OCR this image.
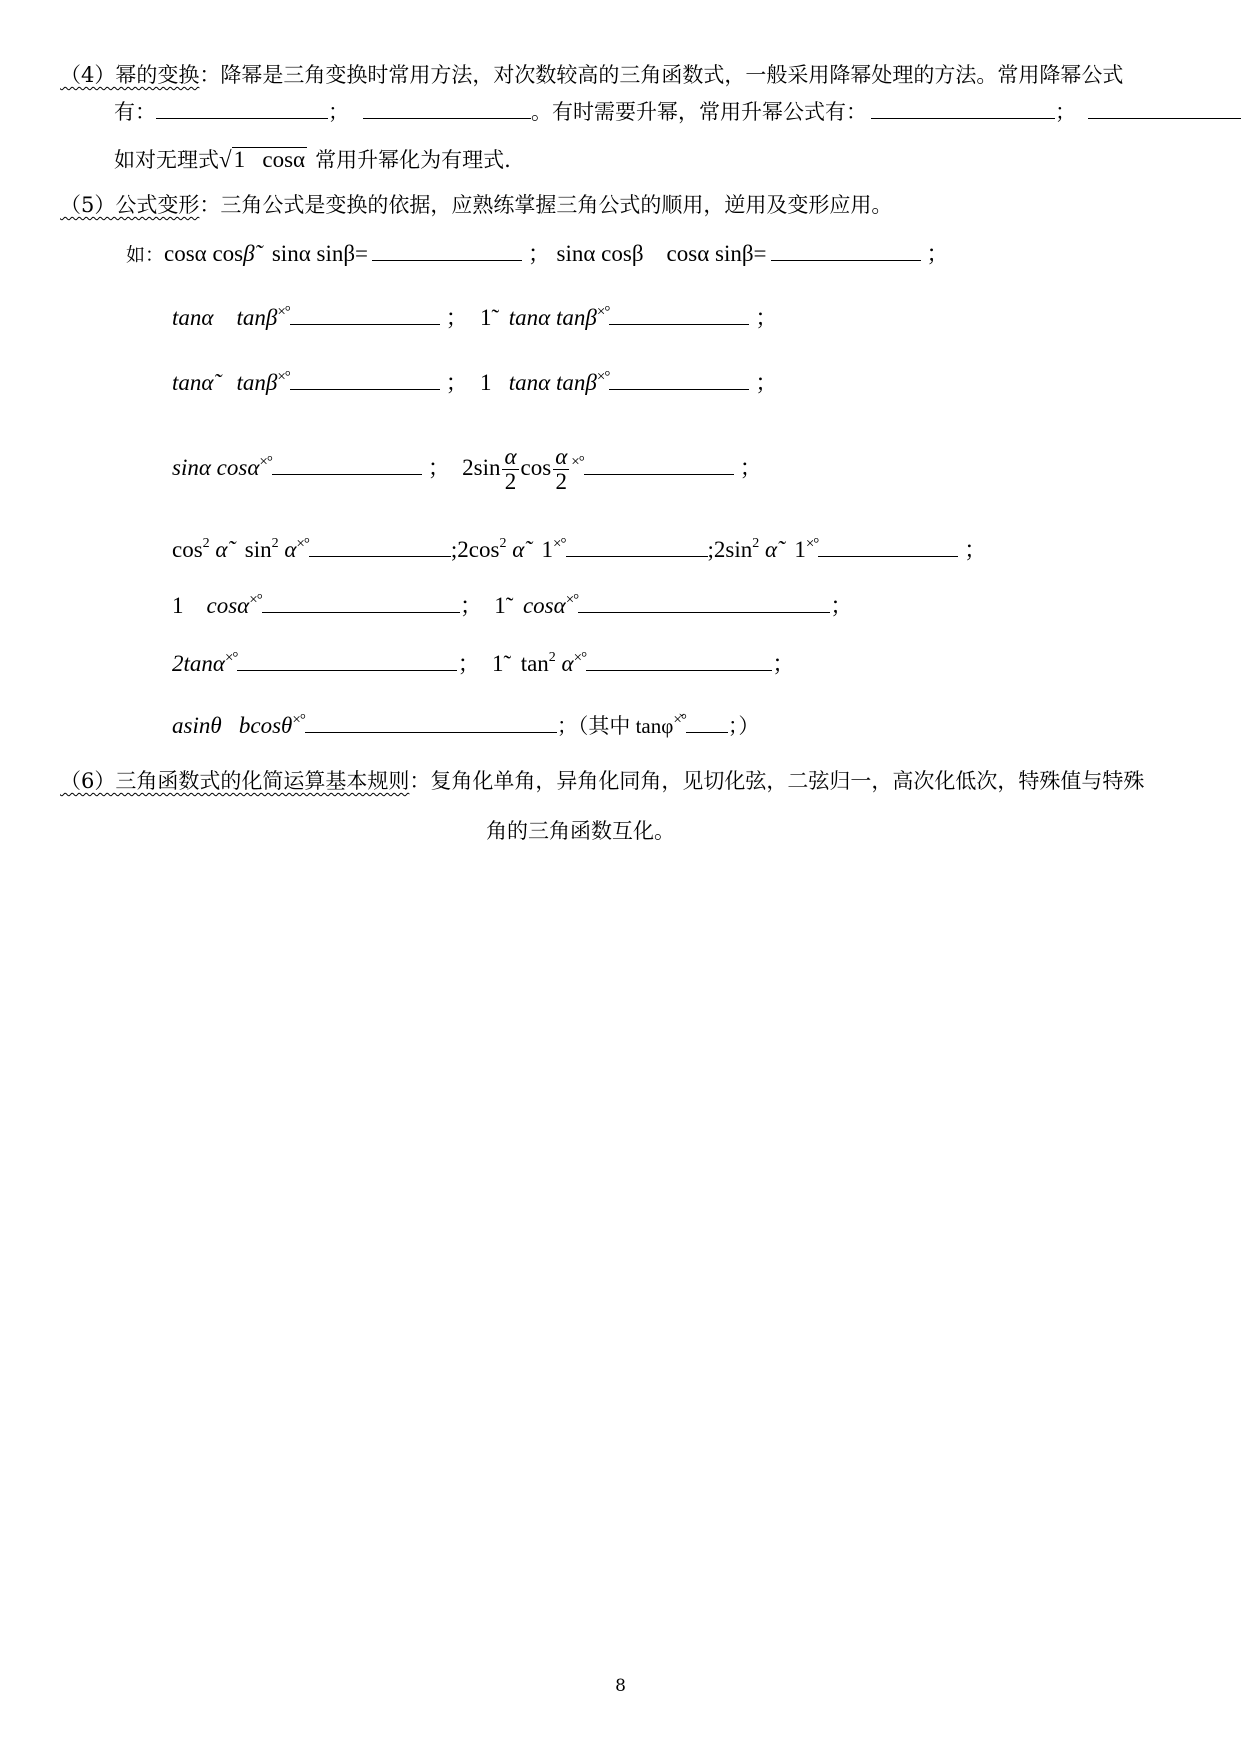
（4）幂的变换：降幂是三角变换时常用方法，对次数较高的三角函数式，一般采用降幂处理的方法。常用降幂公式
有：	；	。有时需要升幂，常用升幂公式有：	；
如对无理式√1 cosα 常用升幂化为有理式.
（5）公式变形：三角公式是变换的依据，应熟练掌握三角公式的顺用，逆用及变形应用。
如：cosα cosβ̃ sinα sinβ=	； sinα cosβ cosα sinβ=	；
tanα tanβ×°	； 1̃ tanα tanβ×°	；
tanα̃ tanβ×°	； 1 tanα tanβ×°	；
sinα cosα×°	； $2\sin \frac{\alpha}{2}$ $\cos \frac{\alpha}{2} ^{\times^\circ}$	；
$\cos^2$ α̃ $\sin^2 \alpha^{\times^\circ}$	$;2\cos^2$ α̃ 1×°	$;2\sin^2$ α̃ 1×°	；
1 cosα×°	； 1̃ cosα×°	；
2tanα×°	； 1̃ $\tan^2 \alpha^{\times^\circ}$	；
asinθ bcosθ×°	；（其中 tanφ×̌° ；）
（6）三角函数式的化简运算基本规则：复角化单角，异角化同角，见切化弦，二弦归一，高次化低次，特殊值与特殊
角的三角函数互化。
8
